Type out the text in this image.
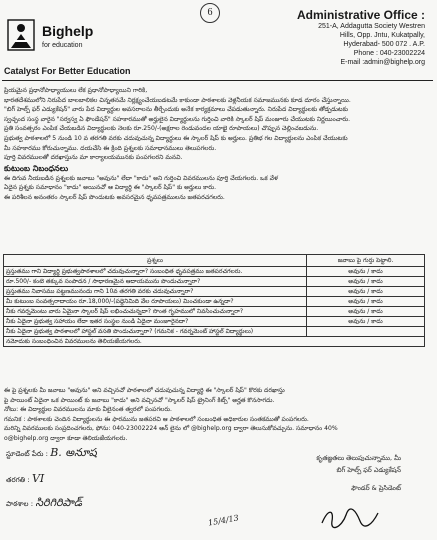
Bighelp
for education
6	Administrative Office :
251-A, Addagutta Society Westren
Hills, Opp. Jntu, Kukatpally,
Hyderabad- 500 072 . A.P.
Phone : 040-23002224
E-mail :admin@bighelp.org
Catalyst For Better Education

ప్రియమైన ప్రధానోపాధ్యాయులు లేక ప్రధానోపాధ్యాయిని గారికి,

భారతదేశములోని నిరుపేద బాలబాలికల చిన్నతనమే నిర్లక్ష్యంచేయబడటమే కాకుండా పాఠశాలకు వెళ్లనీయక సమాజమునకు కూడ దూరం చేస్తున్నాయి.

"బిగ్ హెల్ప్ ఫర్ ఎడ్యుకేషన్" వారు పేద విద్యార్థుల అవసరాలను తీర్చేందుకు అనేక కార్యక్రమాలు చేపడుతున్నారు. నిరుపేద విద్యార్థులకు తోడ్పడుటకు

స్వచ్ఛంద సంస్థ వారైన "సర్వస్వ ఏ ఫౌండేషన్" సహకారముతో అర్హులైన విద్యార్థులను గుర్తించి వారికి స్కాలర్ షిప్ మంజూరు చేయుటకు నిర్ణయించారు.

ప్రతి సంవత్సరం ఎంపిక చేయబడిన విద్యార్థులకు నెలకు రూ.250/-(అక్షరాల రెండువందల యాభై రూపాయలు) చొప్పున చెల్లించబడును.

ప్రభుత్వ పాఠశాలలో 5 నుండి 10 వ తరగతి వరకు చదువుచున్న విద్యార్థులు ఈ స్కాలర్ షిప్ కు అర్హులు. ప్రతిభ గల విద్యార్థులను ఎంపిక చేయుటకు

మీ సహకారము కోరుచున్నాము. దయచేసి ఈ క్రింది ప్రశ్నలకు సమాధానములు తెలుపగలరు.

పూర్తి వివరములతో దరఖాస్తును మా కార్యాలయమునకు పంపగలరని మనవి.

కుటుంబ నిబంధనలు

ఈ దిగువ నీయబడిన ప్రశ్నలకు జవాబు "అవును" లేదా "కాదు" అని గుర్తించి వివరములను పూర్తి చేయగలరు. ఒక వేళ

ఏదైన ప్రశ్నకు సమాధానం "కాదు" అయినచో ఆ విద్యార్థి ఈ "స్కాలర్ షిప్" కు అర్హులు కారు.

ఈ పరిశీలన అనంతరం స్కాలర్ షిప్ పొందుటకు అవసరమైన ధృవపత్రములను జతపరచగలరు.

ప్రశ్నలు	జవాబు పై గుర్తు పెట్టాలి.
ప్రస్తుతము గాని విద్యార్థి ప్రభుత్వపాఠశాలలో చదువుచున్నారా? సంబంధిత ధృవపత్రము జతపరచగలరు.	అవును / కాదు
రూ.500/- కంటె తక్కువ సంపాదన / సాధారణమైన ఆదాయమును పొందుచున్నారా?	అవును / కాదు
ప్రస్తుతము నివాసము పట్టణమునందు గాని 10వ తరగతి వరకు చదువుచున్నారా?	అవును / కాదు
మీ కుటుంబ సంవత్సరాదాయం రూ.18,000/-(పద్దెనిమిది వేల రూపాయలు) మించకుండా ఉన్నదా?	అవును / కాదు
నీకు గవర్నమెంటు వారు ఏమైనా స్కాలర్ షిప్ లభించుచున్నదా? సొంత గృహములో నివసించుచున్నారా?	అవును / కాదు
నీకు ఏదైనా ప్రభుత్వ సహాయం లేదా ఇతర సంస్థల నుండి ఏదైనా మంజూరైనదా?	అవును / కాదు
నీకు ఏదైనా ప్రభుత్వ పాఠశాలలో హాస్టల్ వసతి పొందుచున్నారా? (గమనిక - గవర్నమెంట్ హాస్టల్ విద్యార్థులు)	
నమోదుకు సంబంధించిన వివరములను తెలియజేయగలరు.	

ఈ పై ప్రశ్నలకు మీ జవాబు "అవును" అని వచ్చినచో పాఠశాలలో చదువుచున్న విద్యార్థి ఈ "స్కాలర్ షిప్" కొరకు దరఖాస్తు

పై పాయింట్ ఏదైనా ఒక పాయింట్ కు జవాబు "కాదు" అని వచ్చినచో "స్కాలర్ షిప్ ట్రైనింగ్ కిట్స్" అర్హత కొనసాగదు.

నోటు: ఈ విద్యార్థుల వివరములను మాకు వీలైనంత త్వరలో పంపగలరు.

గమనిక : పాఠశాలకు చెందిన విద్యార్థులను ఈ ఫారమును జతపరచి ఆ పాఠశాలలో సంబంధిత అధికారుల సంతకముతో పంపగలరు.

మరిన్ని వివరములకు సంప్రదించగలరు, ఫోను: 040-23002224 ఆన్ లైను లో @bighelp.org ద్వారా తెలుసుకోవచ్చును. సమాధానం 40%

o@bighelp.org ద్వారా కూడా తెలియజేయగలరు.

స్టూడెంట్ పేరు : B. అనూష
తరగతి : VI
పాఠశాల : సిరిగిరిపాడ్
కృతజ్ఞతలు తెలుపుచున్నాము, మీ
బిగ్ హెల్ప్ ఫర్ ఎడ్యుకేషన్
ఫౌండర్ & ప్రెసిడెంట్
15/4/13
